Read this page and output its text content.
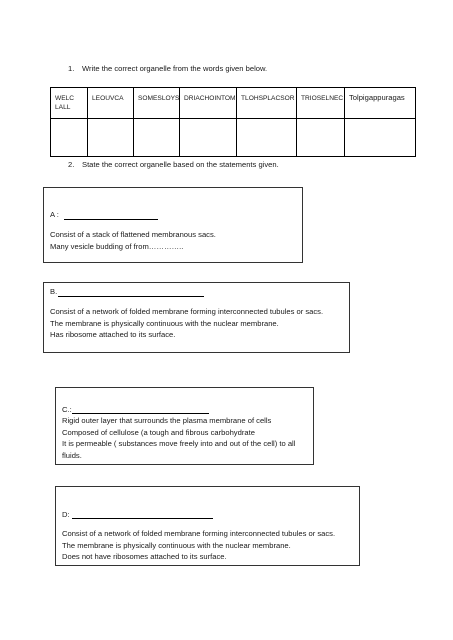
1. Write the correct organelle from the words given below.
WELC LALL	LEOUVCA	SOMESLOYS	DRIACHOINTOM	TLOHSPLACSOR	TRIOSELNEC	Tolpigappuragas

2. State the correct organelle based on the statements given.
A :
Consist of a stack of flattened membranous sacs.
Many vesicle budding of from…………..
B.
Consist of a network of folded membrane forming interconnected tubules or sacs.
The membrane is physically continuous with the nuclear membrane.
Has ribosome attached to its surface.
C.:
Rigid outer layer that surrounds the plasma membrane of cells
Composed of cellulose (a tough and fibrous carbohydrate
It is permeable ( substances move freely into and out of the cell) to all
fluids.
D:
Consist of a network of folded membrane forming interconnected tubules or sacs.
The membrane is physically continuous with the nuclear membrane.
Does not have ribosomes attached to its surface.
